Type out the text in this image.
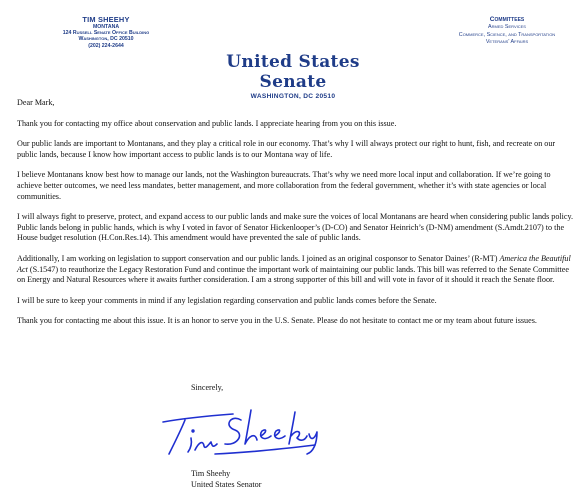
TIM SHEEHY
MONTANA
124 Russell Senate Office Building
Washington, DC 20510
(202) 224-2644
United States Senate
WASHINGTON, DC 20510
Committees
Armed Services
Commerce, Science, and Transportation
Veterans' Affairs

Dear Mark,

Thank you for contacting my office about conservation and public lands. I appreciate hearing from you on this issue.

Our public lands are important to Montanans, and they play a critical role in our economy. That’s why I will always protect our right to hunt, fish, and recreate on our public lands, because I know how important access to public lands is to our Montana way of life.

I believe Montanans know best how to manage our lands, not the Washington bureaucrats. That’s why we need more local input and collaboration. If we’re going to achieve better outcomes, we need less mandates, better management, and more collaboration from the federal government, whether it’s with state agencies or local communities.

I will always fight to preserve, protect, and expand access to our public lands and make sure the voices of local Montanans are heard when considering public lands policy. Public lands belong in public hands, which is why I voted in favor of Senator Hickenlooper’s (D-CO) and Senator Heinrich’s (D-NM) amendment (S.Amdt.2107) to the House budget resolution (H.Con.Res.14). This amendment would have prevented the sale of public lands.

Additionally, I am working on legislation to support conservation and our public lands. I joined as an original cosponsor to Senator Daines’ (R-MT) America the Beautiful Act (S.1547) to reauthorize the Legacy Restoration Fund and continue the important work of maintaining our public lands. This bill was referred to the Senate Committee on Energy and Natural Resources where it awaits further consideration. I am a strong supporter of this bill and will vote in favor of it should it reach the Senate floor.

I will be sure to keep your comments in mind if any legislation regarding conservation and public lands comes before the Senate.

Thank you for contacting me about this issue. It is an honor to serve you in the U.S. Senate. Please do not hesitate to contact me or my team about future issues.

Sincerely,
Tim Sheehy
United States Senator
